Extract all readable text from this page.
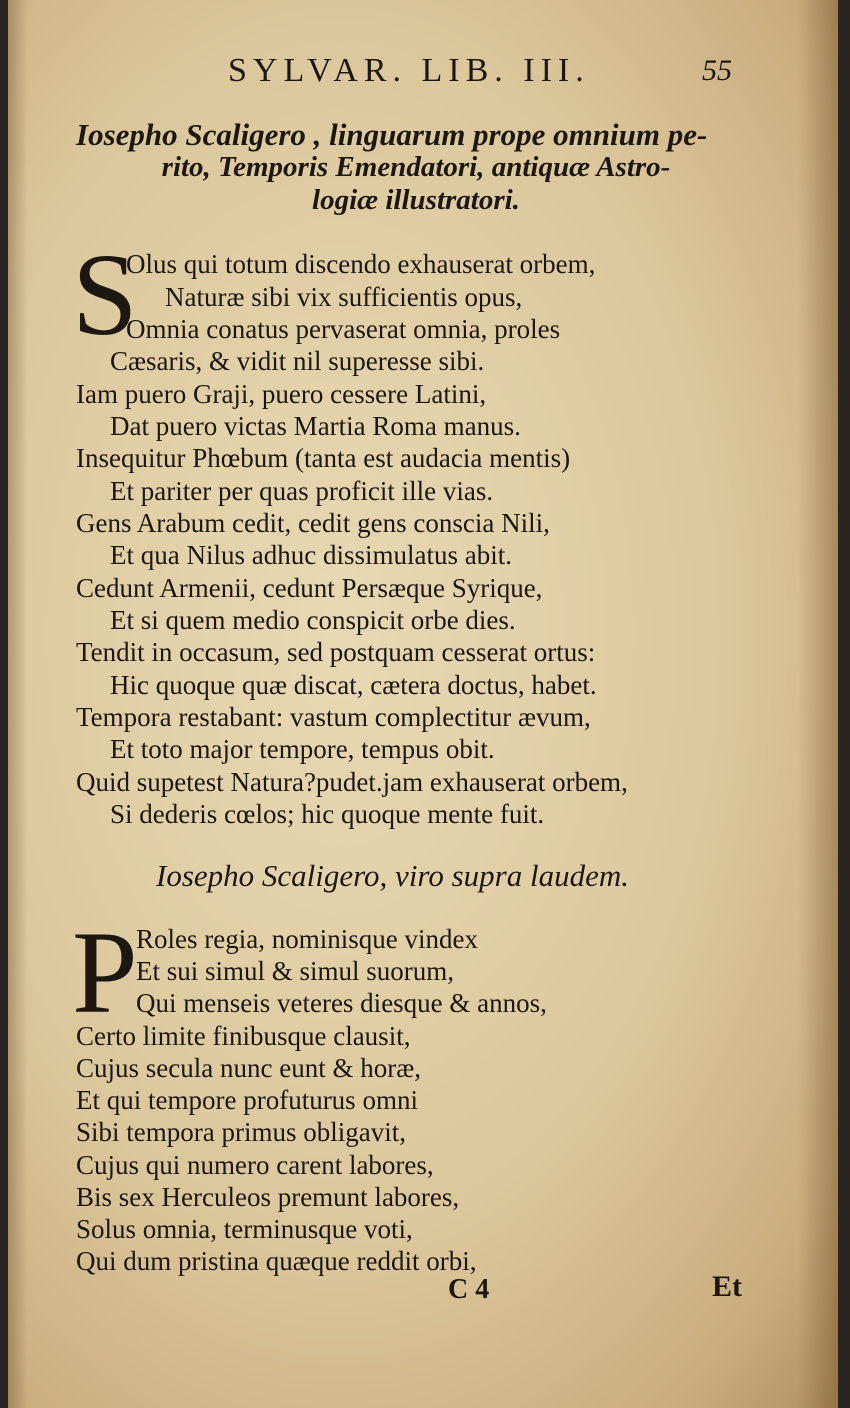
SYLVAR. LIB. III.	55
Iosepho Scaligero , linguarum prope omnium pe-
rito, Temporis Emendatori, antiquæ Astro-
logiæ illustratori.
S
Olus qui totum discendo exhauserat orbem,
Naturæ sibi vix sufficientis opus,
Omnia conatus pervaserat omnia, proles
Cæsaris, & vidit nil superesse sibi.
Iam puero Graji, puero cessere Latini,
Dat puero victas Martia Roma manus.
Insequitur Phœbum (tanta est audacia mentis)
Et pariter per quas proficit ille vias.
Gens Arabum cedit, cedit gens conscia Nili,
Et qua Nilus adhuc dissimulatus abit.
Cedunt Armenii, cedunt Persæque Syrique,
Et si quem medio conspicit orbe dies.
Tendit in occasum, sed postquam cesserat ortus:
Hic quoque quæ discat, cætera doctus, habet.
Tempora restabant: vastum complectitur ævum,
Et toto major tempore, tempus obit.
Quid supetest Natura?pudet.jam exhauserat orbem,
Si dederis cœlos; hic quoque mente fuit.
Iosepho Scaligero, viro supra laudem.
P
Roles regia, nominisque vindex
Et sui simul & simul suorum,
Qui menseis veteres diesque & annos,
Certo limite finibusque clausit,
Cujus secula nunc eunt & horæ,
Et qui tempore profuturus omni
Sibi tempora primus obligavit,
Cujus qui numero carent labores,
Bis sex Herculeos premunt labores,
Solus omnia, terminusque voti,
Qui dum pristina quæque reddit orbi,
C 4	Et
